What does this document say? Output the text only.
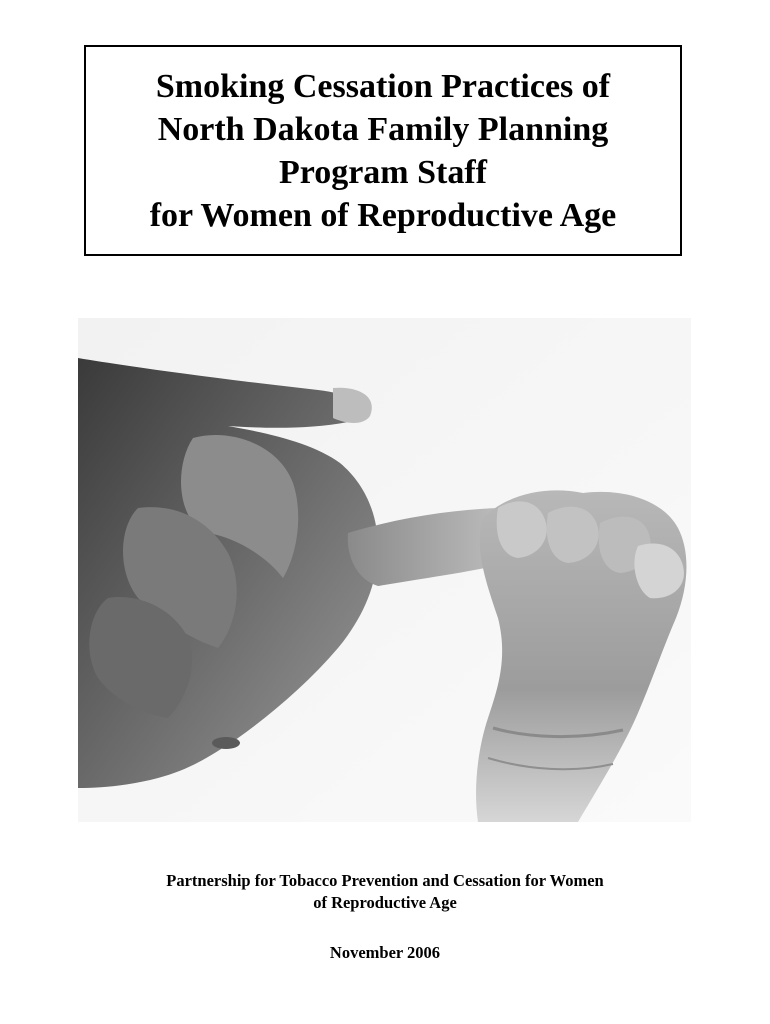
Smoking Cessation Practices of
North Dakota Family Planning
Program Staff
for Women of Reproductive Age
Partnership for Tobacco Prevention and Cessation for Women
of Reproductive Age
November 2006
